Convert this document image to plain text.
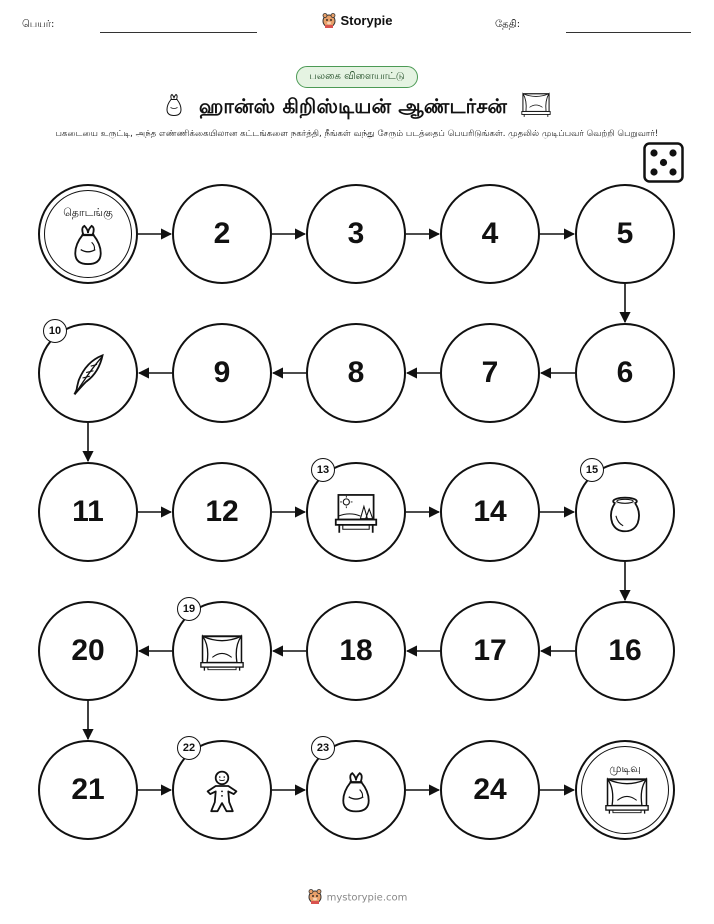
பெயர்:	Storypie	தேதி:
பலகை விளையாட்டு
ஹான்ஸ் கிறிஸ்டியன் ஆண்டர்சன்
பகடையை உருட்டி, அந்த எண்ணிக்கையிலான கட்டங்களை நகர்த்தி, நீங்கள் வந்து சேரும் படத்தைப் பெயரிடுங்கள். முதலில் முடிப்பவர் வெற்றி பெறுவார்!
தொடங்கு
2	3	4	5
6
7
8
9
10
11	12
13
14
15
16
17
18
19
20
21
22	23
24
முடிவு
mystorypie.com
